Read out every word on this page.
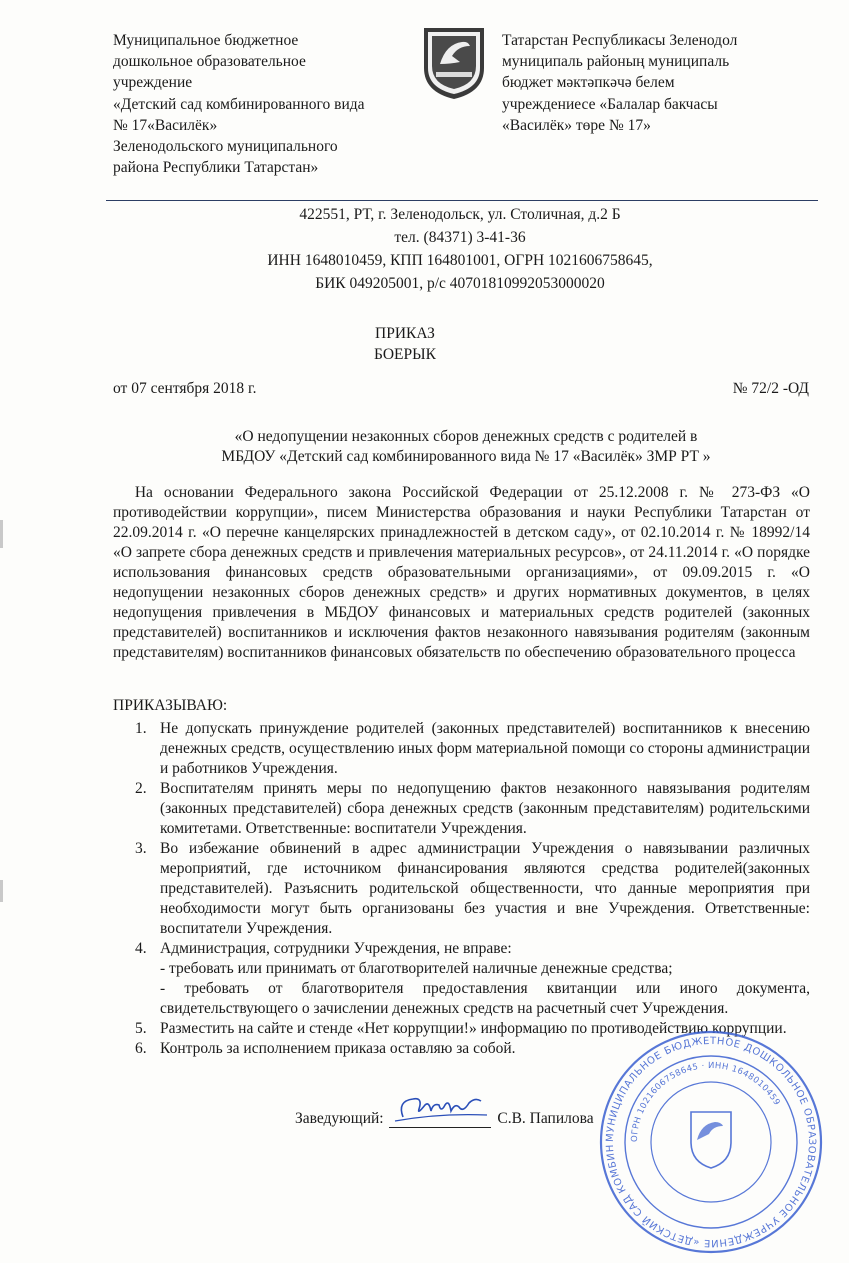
Муниципальное бюджетное
дошкольное образовательное
учреждение
«Детский сад комбинированного вида
№ 17«Василёк»
Зеленодольского муниципального
района Республики Татарстан»
Татарстан Республикасы Зеленодол
муниципаль районың муниципаль
бюджет мәктәпкәчә белем
учреждениесе «Балалар бакчасы
«Василёк» төре № 17»
422551, РТ, г. Зеленодольск, ул. Столичная, д.2 Б
тел. (84371) 3-41-36
ИНН 1648010459, КПП 164801001, ОГРН 1021606758645,
БИК 049205001, р/с 40701810992053000020
ПРИКАЗ
БОЕРЫК
от 07 сентября 2018 г.	№ 72/2 -ОД
«О недопущении незаконных сборов денежных средств с родителей в
МБДОУ «Детский сад комбинированного вида № 17 «Василёк» ЗМР РТ »
На основании Федерального закона Российской Федерации от 25.12.2008 г. № 273-ФЗ «О противодействии коррупции», писем Министерства образования и науки Республики Татарстан от 22.09.2014 г. «О перечне канцелярских принадлежностей в детском саду», от 02.10.2014 г. № 18992/14 «О запрете сбора денежных средств и привлечения материальных ресурсов», от 24.11.2014 г. «О порядке использования финансовых средств образовательными организациями», от 09.09.2015 г. «О недопущении незаконных сборов денежных средств» и других нормативных документов, в целях недопущения привлечения в МБДОУ финансовых и материальных средств родителей (законных представителей) воспитанников и исключения фактов незаконного навязывания родителям (законным представителям) воспитанников финансовых обязательств по обеспечению образовательного процесса
ПРИКАЗЫВАЮ:
1. Не допускать принуждение родителей (законных представителей) воспитанников к внесению денежных средств, осуществлению иных форм материальной помощи со стороны администрации и работников Учреждения.
2. Воспитателям принять меры по недопущению фактов незаконного навязывания родителям (законных представителей) сбора денежных средств (законным представителям) родительскими комитетами. Ответственные: воспитатели Учреждения.
3. Во избежание обвинений в адрес администрации Учреждения о навязывании различных мероприятий, где источником финансирования являются средства родителей(законных представителей). Разъяснить родительской общественности, что данные мероприятия при необходимости могут быть организованы без участия и вне Учреждения. Ответственные: воспитатели Учреждения.
4. Администрация, сотрудники Учреждения, не вправе:
- требовать или принимать от благотворителей наличные денежные средства;
- требовать от благотворителя предоставления квитанции или иного документа, свидетельствующего о зачислении денежных средств на расчетный счет Учреждения.
5. Разместить на сайте и стенде «Нет коррупции!» информацию по противодействию коррупции.
6. Контроль за исполнением приказа оставляю за собой.
Заведующий:	С.В. Папилова
МУНИЦИПАЛЬНОЕ БЮДЖЕТНОЕ ДОШКОЛЬНОЕ ОБРАЗОВАТЕЛЬНОЕ УЧРЕЖДЕНИЕ «ДЕТСКИЙ САД КОМБИН
ОГРН 1021606758645 · ИНН 1648010459
